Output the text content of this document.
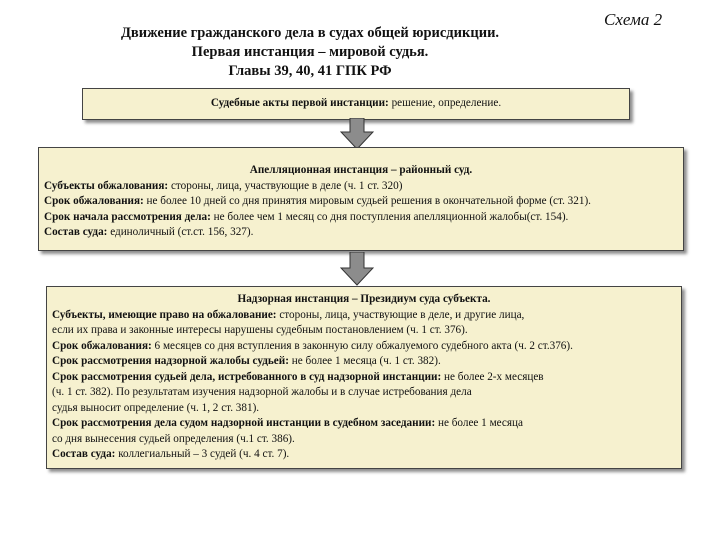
Движение гражданского дела в судах общей юрисдикции.
Первая инстанция – мировой судья.
Главы 39, 40, 41 ГПК РФ
Схема 2
Судебные акты первой инстанции: решение, определение.
Апелляционная инстанция – районный суд.
Субъекты обжалования: стороны, лица, участвующие в деле (ч. 1 ст. 320)
Срок обжалования: не более 10 дней со дня принятия мировым судьей решения в окончательной форме (ст. 321).
Срок начала рассмотрения дела: не более чем 1 месяц со дня поступления апелляционной жалобы(ст. 154).
Состав суда: единоличный (ст.ст. 156, 327).
Надзорная инстанция – Президиум суда субъекта.
Субъекты, имеющие право на обжалование: стороны, лица, участвующие в деле, и другие лица,
если их права и законные интересы нарушены судебным постановлением (ч. 1 ст. 376).
Срок обжалования: 6 месяцев со дня вступления в законную силу обжалуемого судебного акта (ч. 2 ст.376).
Срок рассмотрения надзорной жалобы судьей: не более 1 месяца (ч. 1 ст. 382).
Срок рассмотрения судьей дела, истребованного в суд надзорной инстанции: не более 2-х месяцев
(ч. 1 ст. 382). По результатам изучения надзорной жалобы и в случае истребования дела
судья выносит определение (ч. 1, 2 ст. 381).
Срок рассмотрения дела судом надзорной инстанции в судебном заседании: не более 1 месяца
со дня вынесения судьей определения (ч.1 ст. 386).
Состав суда: коллегиальный – 3 судей (ч. 4 ст. 7).
